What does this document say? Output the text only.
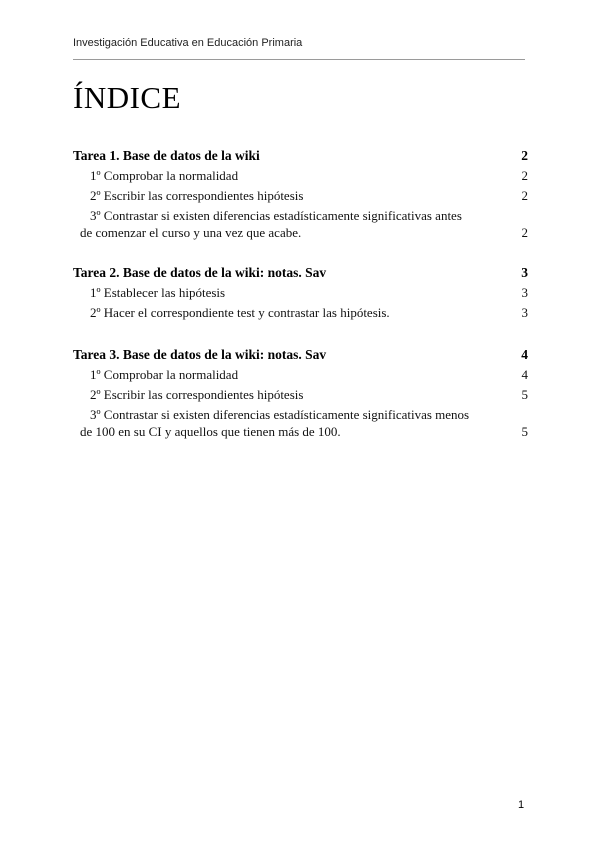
Investigación Educativa en Educación Primaria
ÍNDICE
Tarea 1. Base de datos de la wiki	2
1º Comprobar la normalidad	2
2º Escribir las correspondientes hipótesis	2
3º Contrastar si existen diferencias estadísticamente significativas antes
de comenzar el curso y una vez que acabe.	2
Tarea 2. Base de datos de la wiki: notas. Sav	3
1º Establecer las hipótesis	3
2º Hacer el correspondiente test y contrastar las hipótesis.	3
Tarea 3. Base de datos de la wiki: notas. Sav	4
1º Comprobar la normalidad	4
2º Escribir las correspondientes hipótesis	5
3º Contrastar si existen diferencias estadísticamente significativas menos
de 100 en su CI y aquellos que tienen más de 100.	5
1
